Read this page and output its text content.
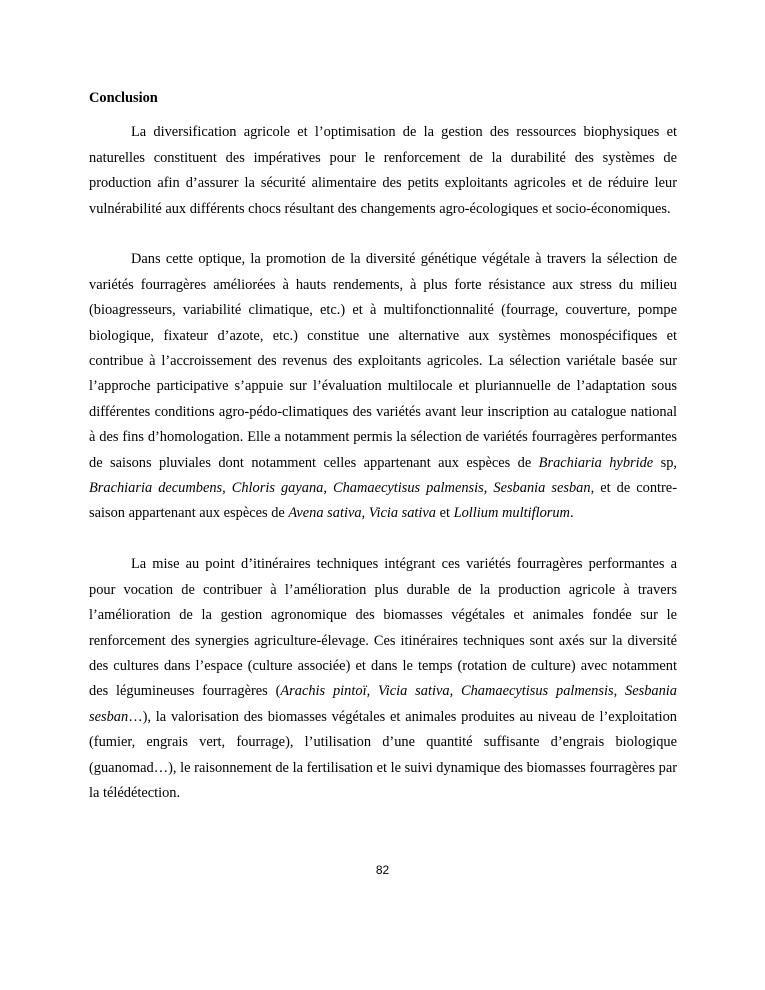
Conclusion

La diversification agricole et l’optimisation de la gestion des ressources biophysiques et naturelles constituent des impératives pour le renforcement de la durabilité des systèmes de production afin d’assurer la sécurité alimentaire des petits exploitants agricoles et de réduire leur vulnérabilité aux différents chocs résultant des changements agro-écologiques et socio-économiques.

Dans cette optique, la promotion de la diversité génétique végétale à travers la sélection de variétés fourragères améliorées à hauts rendements, à plus forte résistance aux stress du milieu (bioagresseurs, variabilité climatique, etc.) et à multifonctionnalité (fourrage, couverture, pompe biologique, fixateur d’azote, etc.) constitue une alternative aux systèmes monospécifiques et contribue à l’accroissement des revenus des exploitants agricoles. La sélection variétale basée sur l’approche participative s’appuie sur l’évaluation multilocale et pluriannuelle de l’adaptation sous différentes conditions agro-pédo-climatiques des variétés avant leur inscription au catalogue national à des fins d’homologation. Elle a notamment permis la sélection de variétés fourragères performantes de saisons pluviales dont notamment celles appartenant aux espèces de Brachiaria hybride sp, Brachiaria decumbens, Chloris gayana, Chamaecytisus palmensis, Sesbania sesban, et de contre-saison appartenant aux espèces de Avena sativa, Vicia sativa et Lollium multiflorum.

La mise au point d’itinéraires techniques intégrant ces variétés fourragères performantes a pour vocation de contribuer à l’amélioration plus durable de la production agricole à travers l’amélioration de la gestion agronomique des biomasses végétales et animales fondée sur le renforcement des synergies agriculture-élevage. Ces itinéraires techniques sont axés sur la diversité des cultures dans l’espace (culture associée) et dans le temps (rotation de culture) avec notamment des légumineuses fourragères (Arachis pintoï, Vicia sativa, Chamaecytisus palmensis, Sesbania sesban…), la valorisation des biomasses végétales et animales produites au niveau de l’exploitation (fumier, engrais vert, fourrage), l’utilisation d’une quantité suffisante d’engrais biologique (guanomad…), le raisonnement de la fertilisation et le suivi dynamique des biomasses fourragères par la télédétection.

82
